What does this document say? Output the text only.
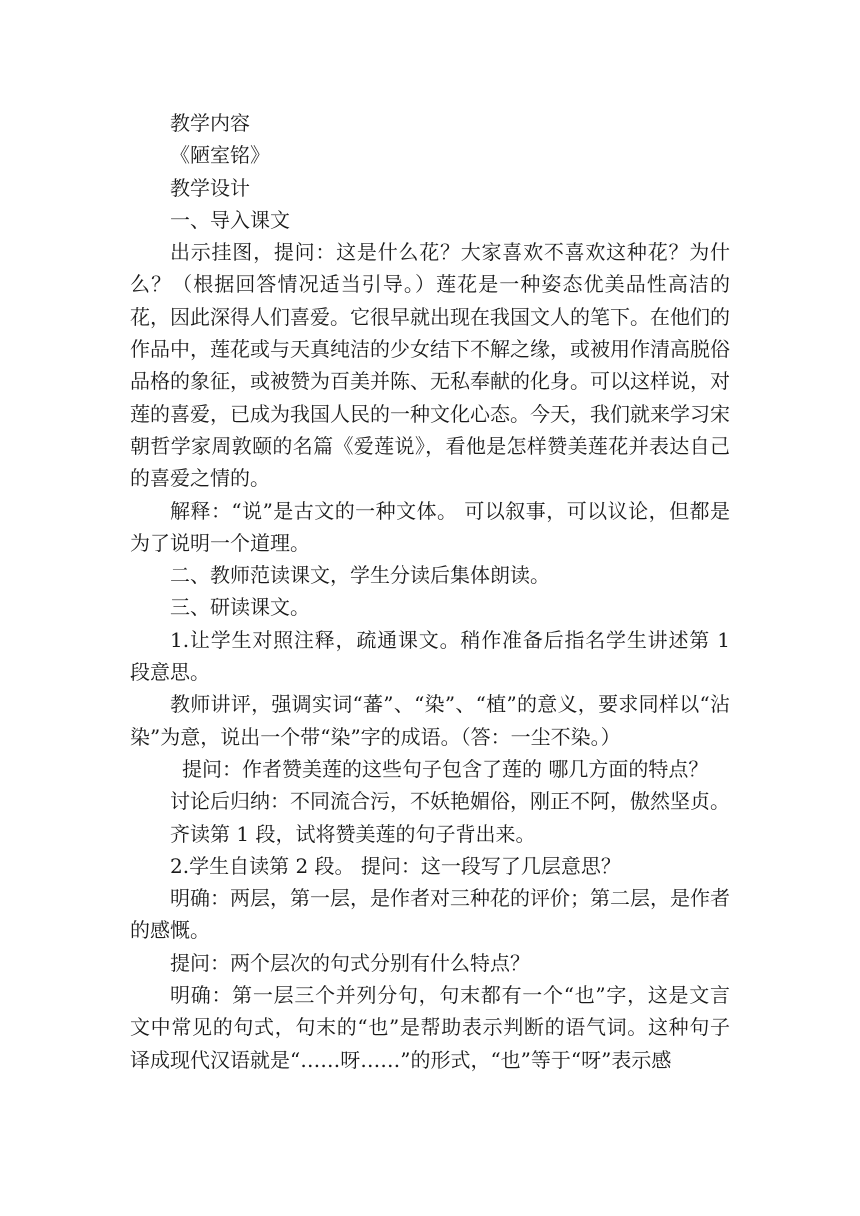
教学内容

《陋室铭》

教学设计

一、导入课文

出示挂图，提问：这是什么花？大家喜欢不喜欢这种花？为什么？（根据回答情况适当引导。）莲花是一种姿态优美品性高洁的花，因此深得人们喜爱。它很早就出现在我国文人的笔下。在他们的作品中，莲花或与天真纯洁的少女结下不解之缘，或被用作清高脱俗品格的象征，或被赞为百美并陈、无私奉献的化身。可以这样说，对莲的喜爱，已成为我国人民的一种文化心态。今天，我们就来学习宋朝哲学家周敦颐的名篇《爱莲说》，看他是怎样赞美莲花并表达自己的喜爱之情的。

解释：“说”是古文的一种文体。 可以叙事，可以议论，但都是为了说明一个道理。

二、教师范读课文，学生分读后集体朗读。

三、研读课文。

1.让学生对照注释，疏通课文。稍作准备后指名学生讲述第 1 段意思。

教师讲评，强调实词“蕃”、“染”、“植”的意义，要求同样以“沾染”为意，说出一个带“染”字的成语。（答：一尘不染。）

提问：作者赞美莲的这些句子包含了莲的 哪几方面的特点？

讨论后归纳：不同流合污，不妖艳媚俗，刚正不阿，傲然坚贞。

齐读第 1 段，试将赞美莲的句子背出来。

2.学生自读第 2 段。 提问：这一段写了几层意思？

明确：两层，第一层，是作者对三种花的评价；第二层，是作者的感慨。

提问：两个层次的句式分别有什么特点？

明确：第一层三个并列分句，句末都有一个“也”字，这是文言文中常见的句式，句末的“也”是帮助表示判断的语气词。这种句子译成现代汉语就是“……呀……”的形式，“也”等于“呀”表示感
